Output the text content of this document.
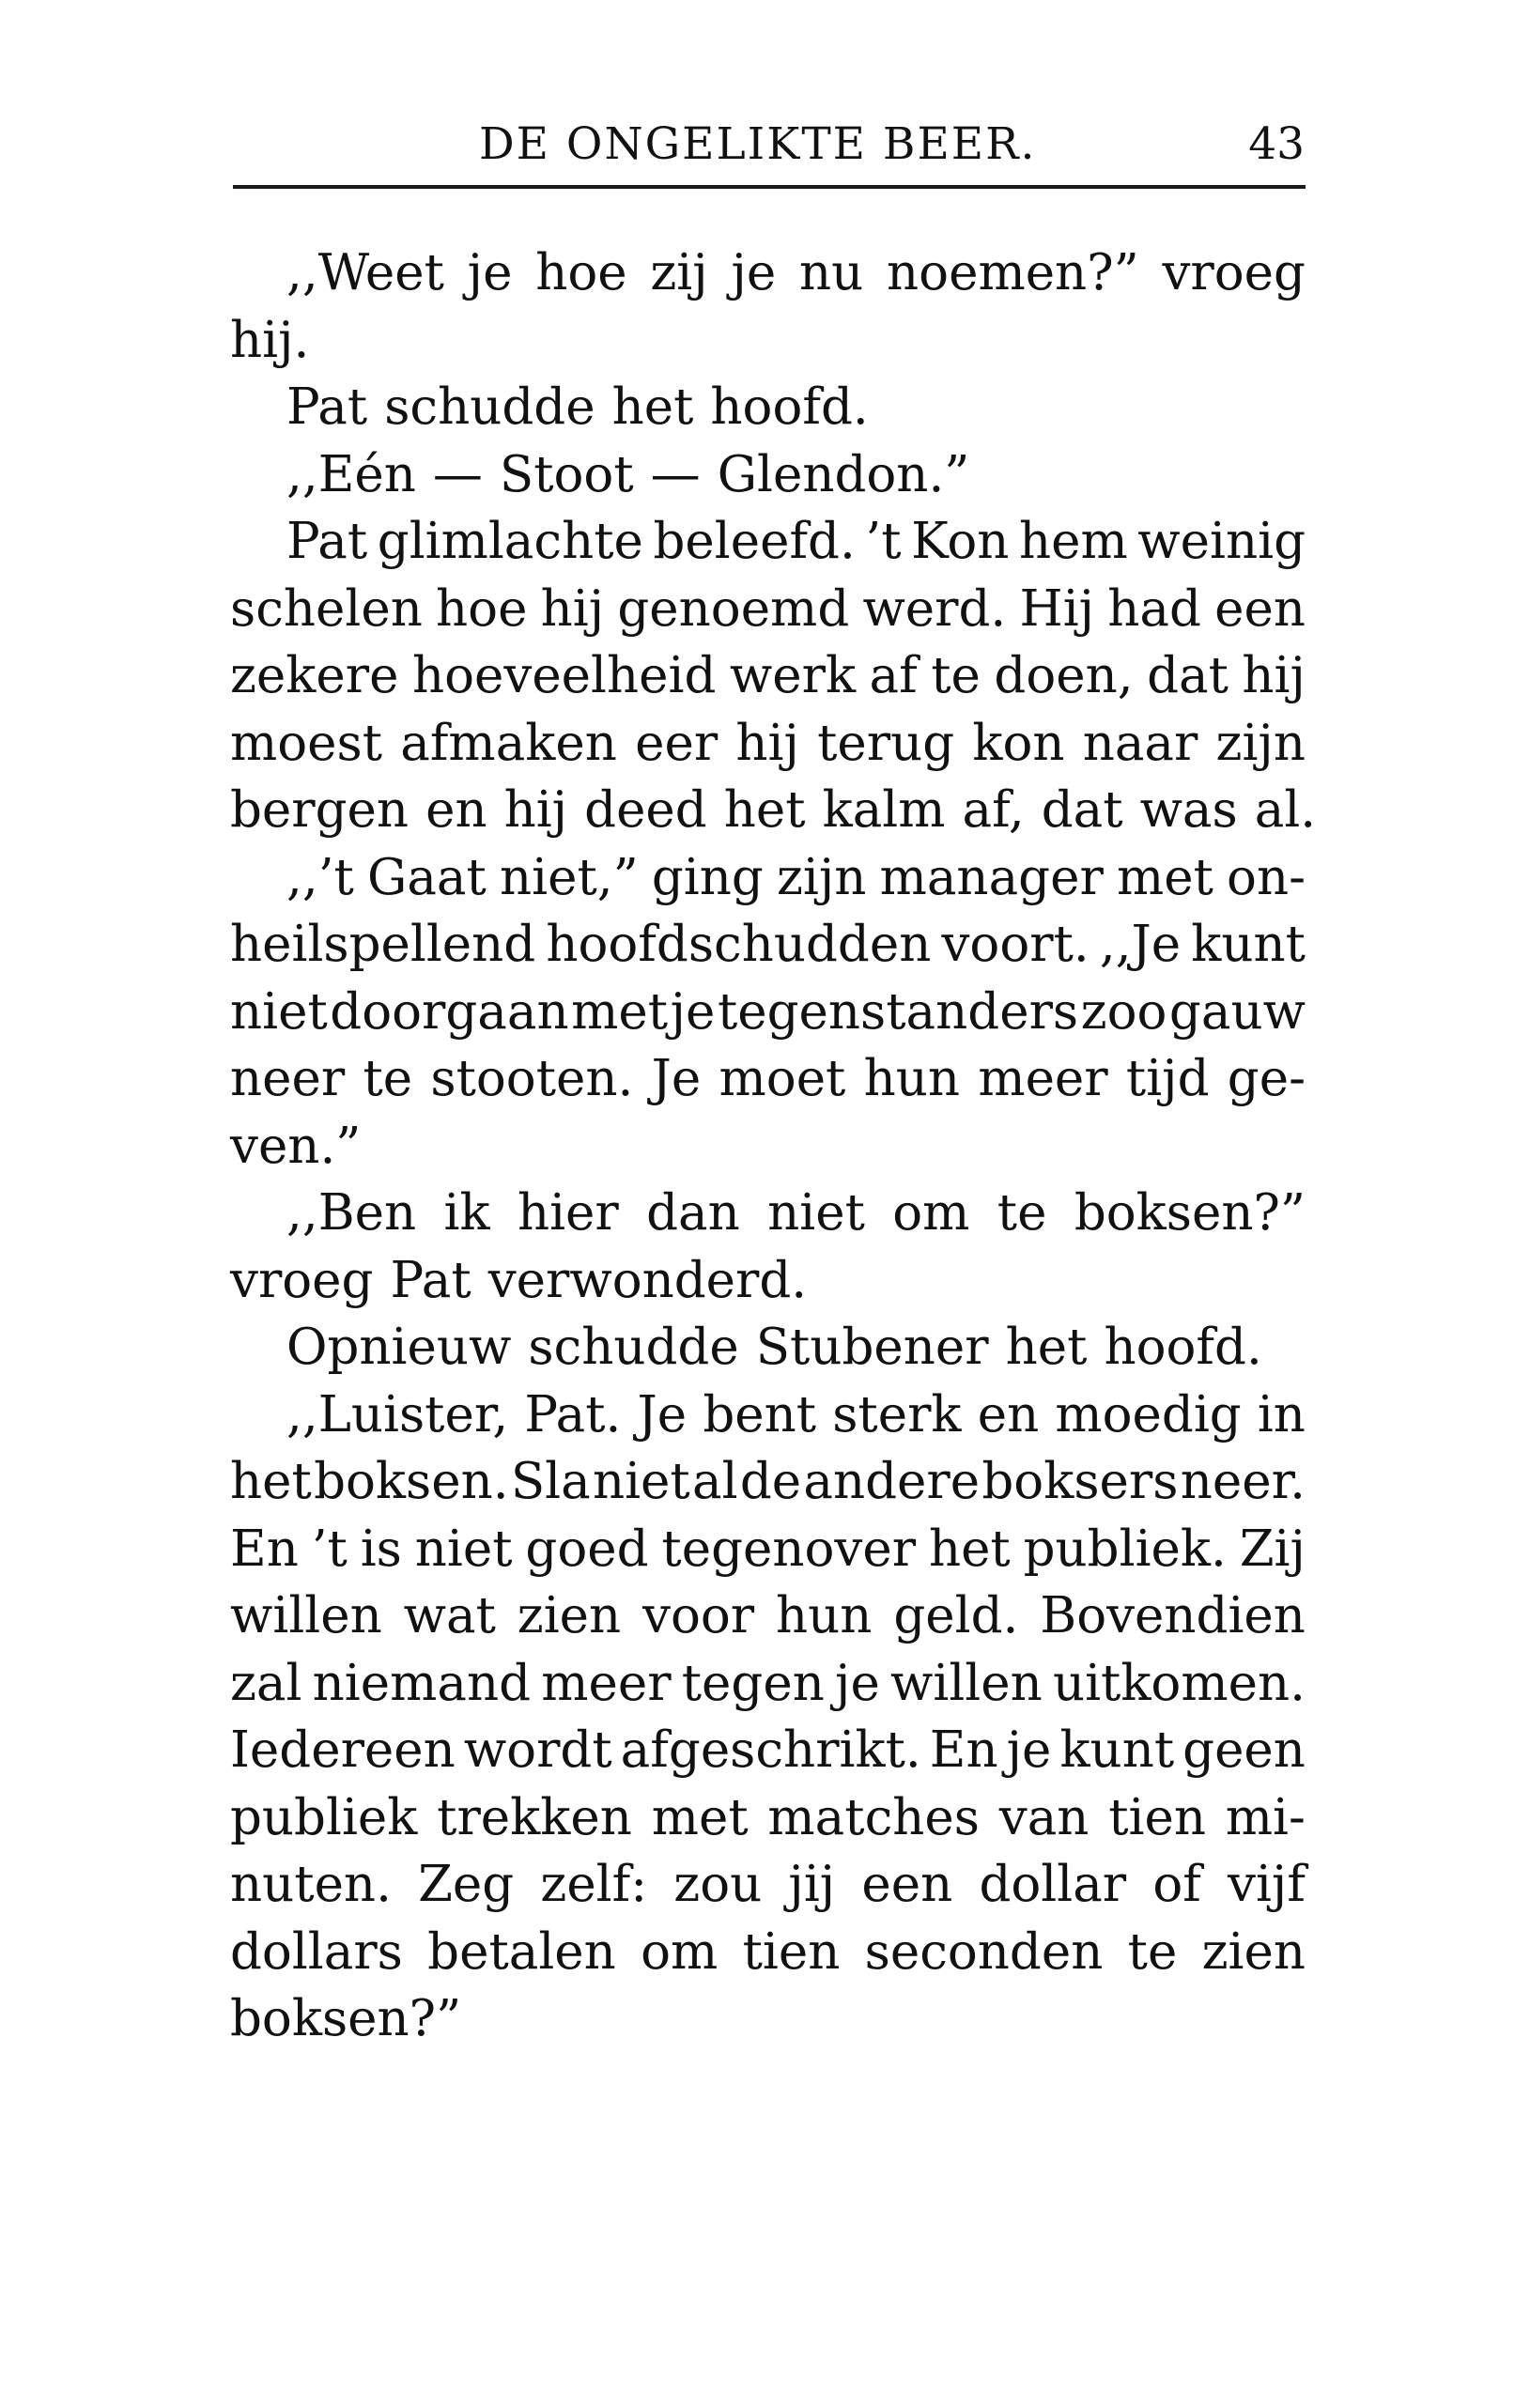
DE ONGELIKTE BEER.	43
,,Weet je hoe zij je nu noemen?” vroeg
hij.
Pat schudde het hoofd.
,,Eén — Stoot — Glendon.”
Pat glimlachte beleefd. ’t Kon hem weinig
schelen hoe hij genoemd werd. Hij had een
zekere hoeveelheid werk af te doen, dat hij
moest afmaken eer hij terug kon naar zijn
bergen en hij deed het kalm af, dat was al.
,,’t Gaat niet,” ging zijn manager met on-
heilspellend hoofdschudden voort. ,,Je kunt
niet doorgaan met je tegenstanders zoo gauw
neer te stooten. Je moet hun meer tijd ge-
ven.”
,,Ben ik hier dan niet om te boksen?”
vroeg Pat verwonderd.
Opnieuw schudde Stubener het hoofd.
,,Luister, Pat. Je bent sterk en moedig in
het boksen. Sla niet al de andere boksers neer.
En ’t is niet goed tegenover het publiek. Zij
willen wat zien voor hun geld. Bovendien
zal niemand meer tegen je willen uitkomen.
Iedereen wordt afgeschrikt. En je kunt geen
publiek trekken met matches van tien mi-
nuten. Zeg zelf: zou jij een dollar of vijf
dollars betalen om tien seconden te zien
boksen?”
